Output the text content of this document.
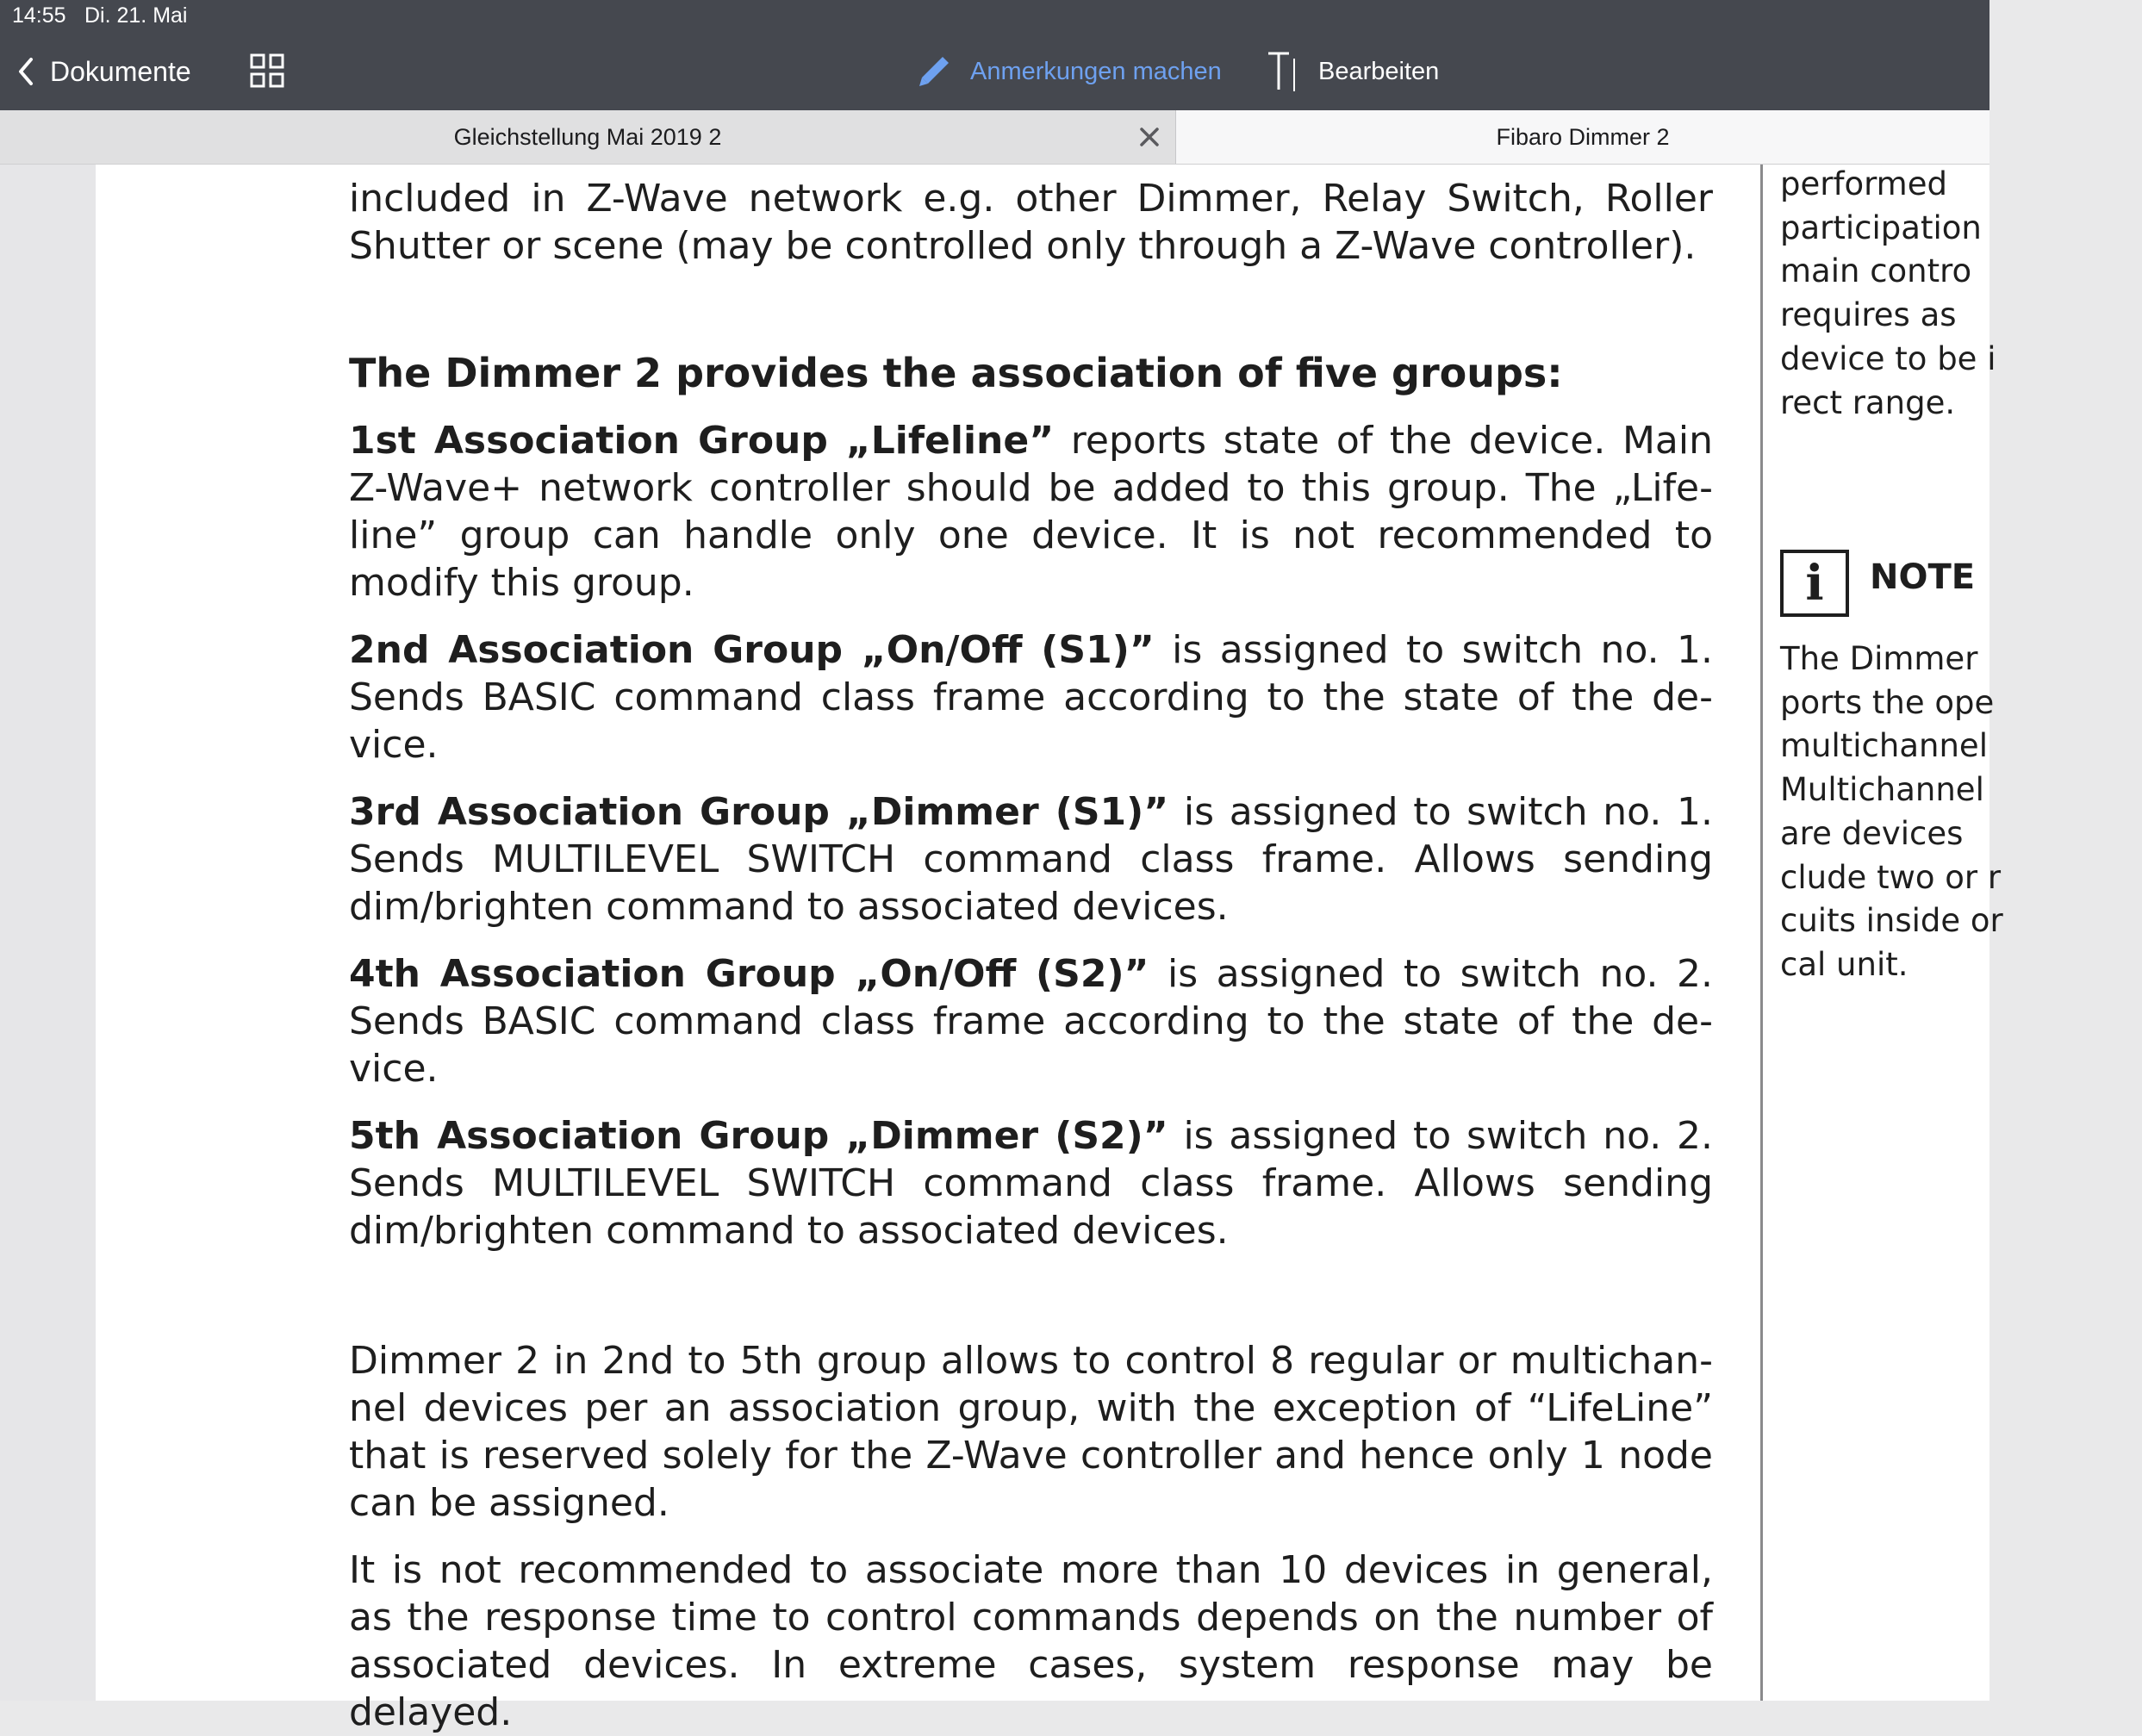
14:55 Di. 21. Mai
Dokumente	Anmerkungen machen	Bearbeiten
Gleichstellung Mai 2019 2	Fibaro Dimmer 2

included in Z-Wave network e.g. other Dimmer, Relay Switch, Roller Shutter or scene (may be controlled only through a Z-Wave controller).

The Dimmer 2 provides the association of five groups:

1st Association Group „Lifeline” reports state of the device. Main Z-Wave+ network controller should be added to this group. The „Life-line” group can handle only one device. It is not recommended to modify this group.

2nd Association Group „On/Off (S1)” is assigned to switch no. 1. Sends BASIC command class frame according to the state of the de-vice.

3rd Association Group „Dimmer (S1)” is assigned to switch no. 1. Sends MULTILEVEL SWITCH command class frame. Allows sending dim/brighten command to associated devices.

4th Association Group „On/Off (S2)” is assigned to switch no. 2. Sends BASIC command class frame according to the state of the de-vice.

5th Association Group „Dimmer (S2)” is assigned to switch no. 2. Sends MULTILEVEL SWITCH command class frame. Allows sending dim/brighten command to associated devices.

Dimmer 2 in 2nd to 5th group allows to control 8 regular or multichan-nel devices per an association group, with the exception of “LifeLine” that is reserved solely for the Z-Wave controller and hence only 1 node can be assigned.

It is not recommended to associate more than 10 devices in general, as the response time to control commands depends on the number of associated devices. In extreme cases, system response may be delayed.

performed
participation
main contro
requires as
device to be i
rect range.

i	NOTE

The Dimmer
ports the ope
multichannel
Multichannel
are devices
clude two or r
cuits inside or
cal unit.
